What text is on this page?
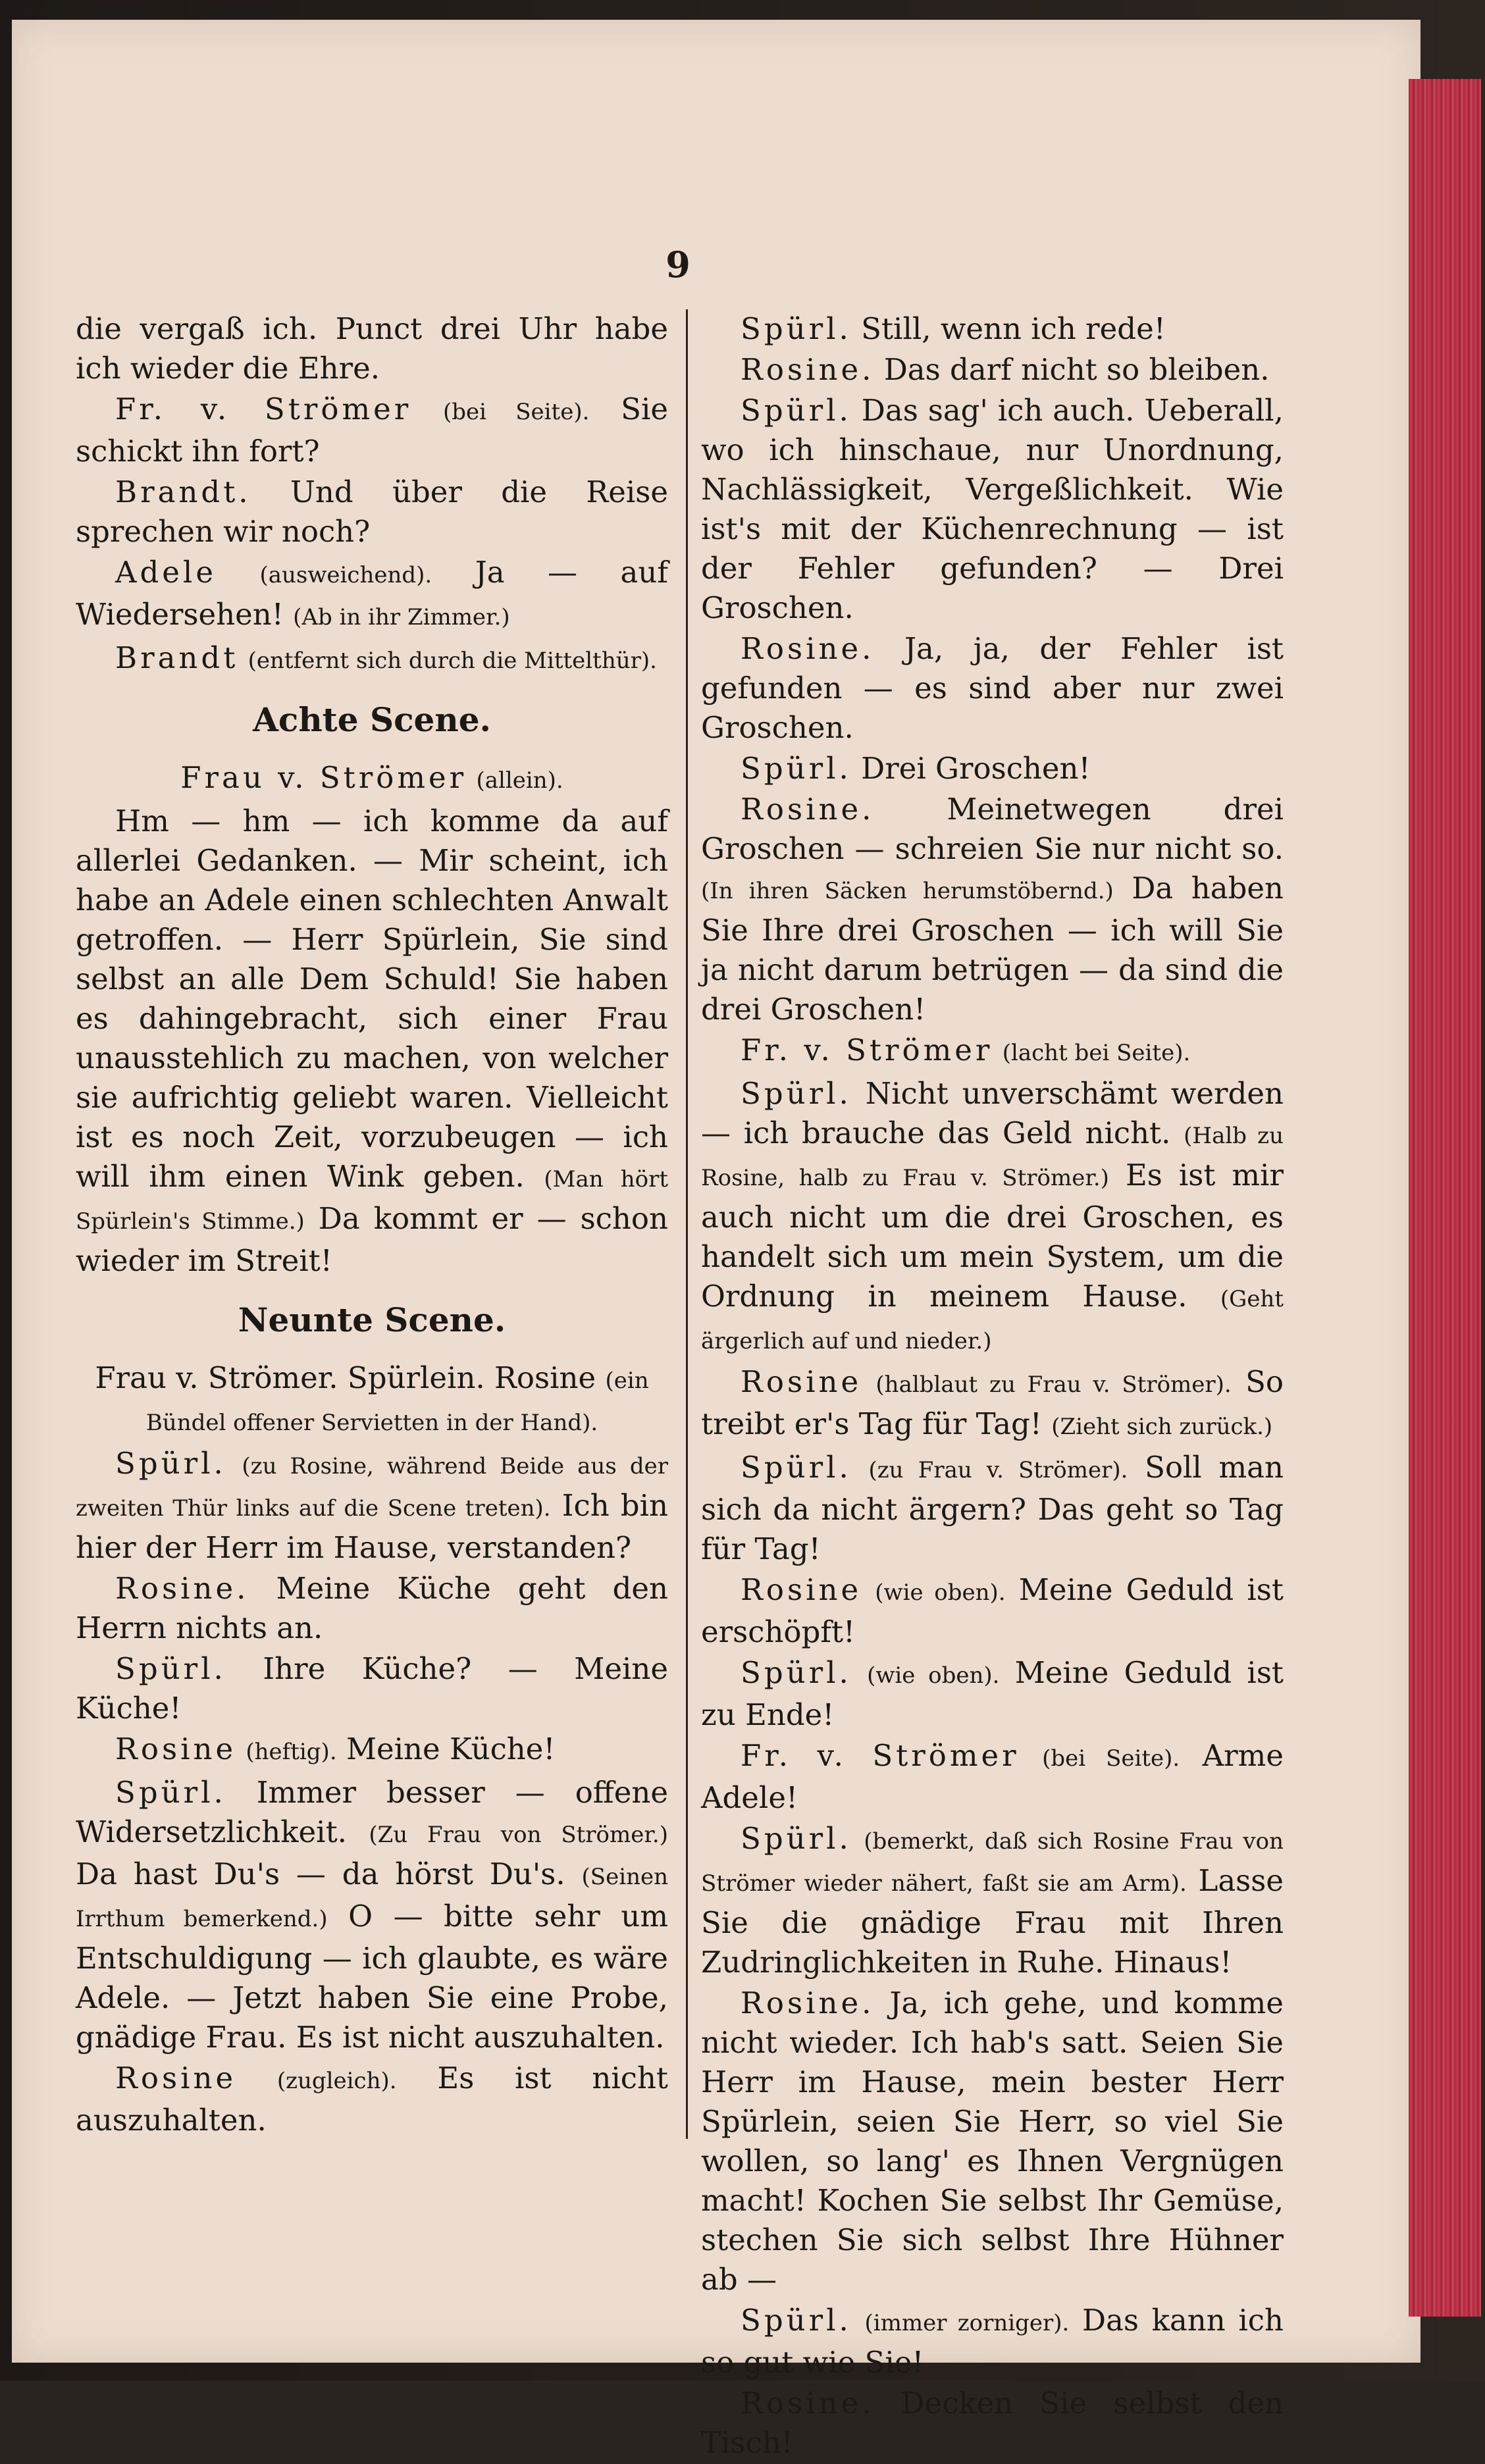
9

die vergaß ich. Punct drei Uhr habe ich wieder die Ehre.

Fr. v. Strömer (bei Seite). Sie schickt ihn fort?

Brandt. Und über die Reise sprechen wir noch?

Adele (ausweichend). Ja — auf Wiedersehen! (Ab in ihr Zimmer.)

Brandt (entfernt sich durch die Mittelthür).

Achte Scene.

Frau v. Strömer (allein).

Hm — hm — ich komme da auf allerlei Gedanken. — Mir scheint, ich habe an Adele einen schlechten Anwalt getroffen. — Herr Spürlein, Sie sind selbst an alle Dem Schuld! Sie haben es dahingebracht, sich einer Frau unausstehlich zu machen, von welcher sie aufrichtig geliebt waren. Vielleicht ist es noch Zeit, vorzubeugen — ich will ihm einen Wink geben. (Man hört Spürlein's Stimme.) Da kommt er — schon wieder im Streit!

Neunte Scene.

Frau v. Strömer. Spürlein. Rosine (ein Bündel offener Servietten in der Hand).

Spürl. (zu Rosine, während Beide aus der zweiten Thür links auf die Scene treten). Ich bin hier der Herr im Hause, verstanden?

Rosine. Meine Küche geht den Herrn nichts an.

Spürl. Ihre Küche? — Meine Küche!

Rosine (heftig). Meine Küche!

Spürl. Immer besser — offene Widersetzlichkeit. (Zu Frau von Strömer.) Da hast Du's — da hörst Du's. (Seinen Irrthum bemerkend.) O — bitte sehr um Entschuldigung — ich glaubte, es wäre Adele. — Jetzt haben Sie eine Probe, gnädige Frau. Es ist nicht auszuhalten.

Rosine (zugleich). Es ist nicht auszuhalten.

Spürl. Still, wenn ich rede!

Rosine. Das darf nicht so bleiben.

Spürl. Das sag' ich auch. Ueberall, wo ich hinschaue, nur Unordnung, Nachlässigkeit, Vergeßlichkeit. Wie ist's mit der Küchenrechnung — ist der Fehler gefunden? — Drei Groschen.

Rosine. Ja, ja, der Fehler ist gefunden — es sind aber nur zwei Groschen.

Spürl. Drei Groschen!

Rosine. Meinetwegen drei Groschen — schreien Sie nur nicht so. (In ihren Säcken herumstöbernd.) Da haben Sie Ihre drei Groschen — ich will Sie ja nicht darum betrügen — da sind die drei Groschen!

Fr. v. Strömer (lacht bei Seite).

Spürl. Nicht unverschämt werden — ich brauche das Geld nicht. (Halb zu Rosine, halb zu Frau v. Strömer.) Es ist mir auch nicht um die drei Groschen, es handelt sich um mein System, um die Ordnung in meinem Hause. (Geht ärgerlich auf und nieder.)

Rosine (halblaut zu Frau v. Strömer). So treibt er's Tag für Tag! (Zieht sich zurück.)

Spürl. (zu Frau v. Strömer). Soll man sich da nicht ärgern? Das geht so Tag für Tag!

Rosine (wie oben). Meine Geduld ist erschöpft!

Spürl. (wie oben). Meine Geduld ist zu Ende!

Fr. v. Strömer (bei Seite). Arme Adele!

Spürl. (bemerkt, daß sich Rosine Frau von Strömer wieder nähert, faßt sie am Arm). Lasse Sie die gnädige Frau mit Ihren Zudringlichkeiten in Ruhe. Hinaus!

Rosine. Ja, ich gehe, und komme nicht wieder. Ich hab's satt. Seien Sie Herr im Hause, mein bester Herr Spürlein, seien Sie Herr, so viel Sie wollen, so lang' es Ihnen Vergnügen macht! Kochen Sie selbst Ihr Gemüse, stechen Sie sich selbst Ihre Hühner ab —

Spürl. (immer zorniger). Das kann ich so gut wie Sie!

Rosine. Decken Sie selbst den Tisch!
